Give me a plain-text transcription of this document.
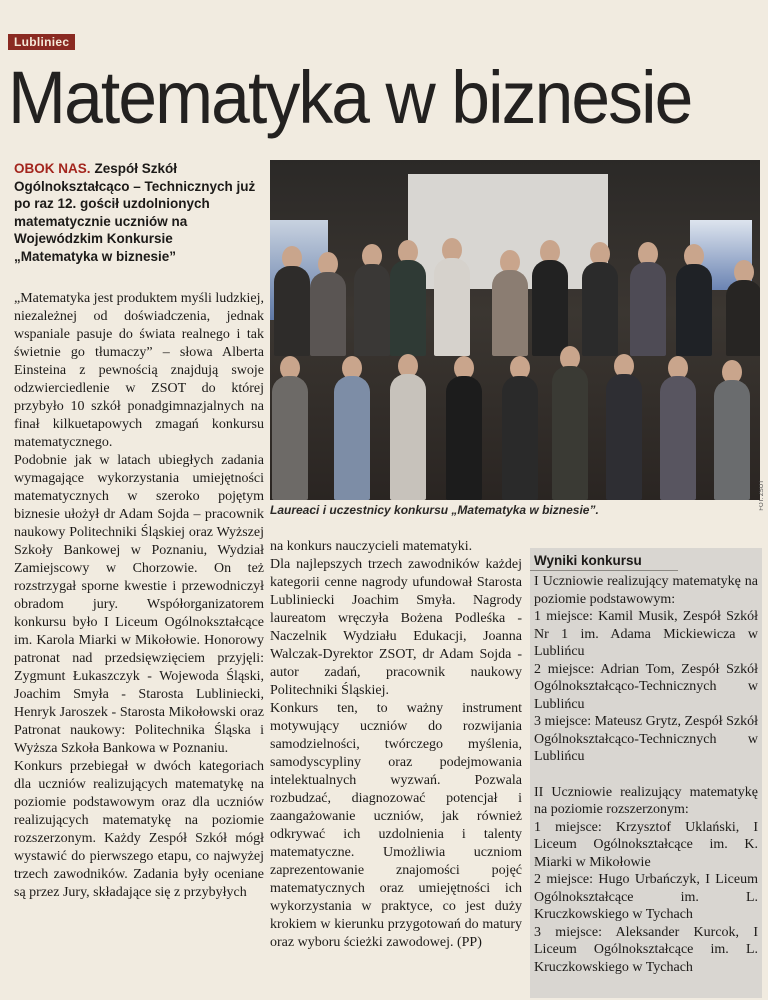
Lubliniec
Matematyka w biznesie
OBOK NAS. Zespół Szkół Ogólnokształcąco – Technicznych już po raz 12. gościł uzdolnionych matematycznie uczniów na Wojewódzkim Konkursie „Matematyka w biznesie”
FOT. ZSOT
Laureaci i uczestnicy konkursu „Matematyka w biznesie”.

„Matematyka jest produktem myśli ludzkiej, niezależnej od doświadczenia, jednak wspaniale pasuje do świata realnego i tak świetnie go tłumaczy” – słowa Alberta Einsteina z pewnością znajdują swoje odzwierciedlenie w ZSOT do której przybyło 10 szkół ponadgimnazjalnych na finał kilkuetapowych zmagań konkursu matematycznego.

Podobnie jak w latach ubiegłych zadania wymagające wykorzystania umiejętności matematycznych w szeroko pojętym biznesie ułożył dr Adam Sojda – pracownik naukowy Politechniki Śląskiej oraz Wyższej Szkoły Bankowej w Poznaniu, Wydział Zamiejscowy w Chorzowie. On też rozstrzygał sporne kwestie i przewodniczył obradom jury. Współorganizatorem konkursu było I Liceum Ogólnokształcące im. Karola Miarki w Mikołowie. Honorowy patronat nad przedsięwzięciem przyjęli: Zygmunt Łukaszczyk - Wojewoda Śląski, Joachim Smyła - Starosta Lubliniecki, Henryk Jaroszek - Starosta Mikołowski oraz Patronat naukowy: Politechnika Śląska i Wyższa Szkoła Bankowa w Poznaniu.

Konkurs przebiegał w dwóch kategoriach dla uczniów realizujących matematykę na poziomie podstawowym oraz dla uczniów realizujących matematykę na poziomie rozszerzonym. Każdy Zespół Szkół mógł wystawić do pierwszego etapu, co najwyżej trzech zawodników. Zadania były oceniane są przez Jury, składające się z przybyłych

na konkurs nauczycieli matematyki.

Dla najlepszych trzech zawodników każdej kategorii cenne nagrody ufundował Starosta Lubliniecki Joachim Smyła. Nagrody laureatom wręczyła Bożena Podleśka - Naczelnik Wydziału Edukacji, Joanna Walczak-Dyrektor ZSOT, dr Adam Sojda - autor zadań, pracownik naukowy Politechniki Śląskiej.

Konkurs ten, to ważny instrument motywujący uczniów do rozwijania samodzielności, twórczego myślenia, samodyscypliny oraz podejmowania intelektualnych wyzwań. Pozwala rozbudzać, diagnozować potencjał i zaangażowanie uczniów, jak również odkrywać ich uzdolnienia i talenty matematyczne. Umożliwia uczniom zaprezentowanie znajomości pojęć matematycznych oraz umiejętności ich wykorzystania w praktyce, co jest duży krokiem w kierunku przygotowań do matury oraz wyboru ścieżki zawodowej. (PP)

Wyniki konkursu

I Uczniowie realizujący matematykę na poziomie podstawowym:

1 miejsce: Kamil Musik, Zespół Szkół Nr 1 im. Adama Mickiewicza w Lublińcu

2 miejsce: Adrian Tom, Zespół Szkół Ogólnokształcąco-Technicznych w Lublińcu

3 miejsce: Mateusz Grytz, Zespół Szkół Ogólnokształcąco-Technicznych w Lublińcu

II Uczniowie realizujący matematykę na poziomie rozszerzonym:

1 miejsce: Krzysztof Uklański, I Liceum Ogólnokształcące im. K. Miarki w Mikołowie

2 miejsce: Hugo Urbańczyk, I Liceum Ogólnokształcące im. L. Kruczkowskiego w Tychach

3 miejsce: Aleksander Kurcok, I Liceum Ogólnokształcące im. L. Kruczkowskiego w Tychach
